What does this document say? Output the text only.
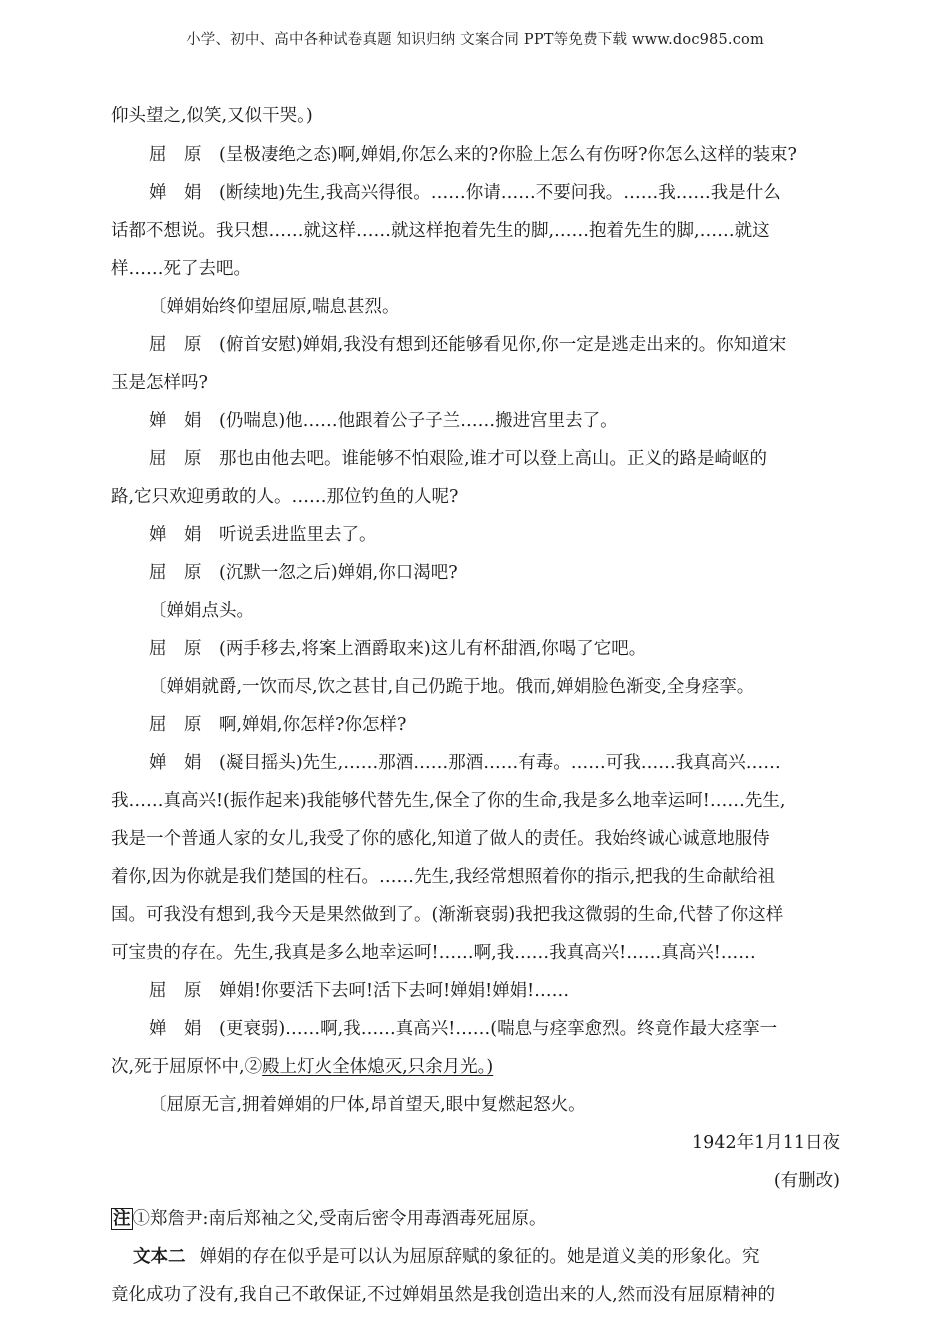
小学、初中、高中各种试卷真题 知识归纳 文案合同 PPT等免费下载 www.doc985.com
仰头望之,似笑,又似干哭。)
屈　原　(呈极凄绝之态)啊,婵娟,你怎么来的?你脸上怎么有伤呀?你怎么这样的装束?
婵　娟　(断续地)先生,我高兴得很。……你请……不要问我。……我……我是什么
话都不想说。我只想……就这样……就这样抱着先生的脚,……抱着先生的脚,……就这
样……死了去吧。
〔婵娟始终仰望屈原,喘息甚烈。
屈　原　(俯首安慰)婵娟,我没有想到还能够看见你,你一定是逃走出来的。你知道宋
玉是怎样吗?
婵　娟　(仍喘息)他……他跟着公子子兰……搬进宫里去了。
屈　原　那也由他去吧。谁能够不怕艰险,谁才可以登上高山。正义的路是崎岖的
路,它只欢迎勇敢的人。……那位钓鱼的人呢?
婵　娟　听说丢进监里去了。
屈　原　(沉默一忽之后)婵娟,你口渴吧?
〔婵娟点头。
屈　原　(两手移去,将案上酒爵取来)这儿有杯甜酒,你喝了它吧。
〔婵娟就爵,一饮而尽,饮之甚甘,自己仍跪于地。俄而,婵娟脸色渐变,全身痉挛。
屈　原　啊,婵娟,你怎样?你怎样?
婵　娟　(凝目摇头)先生,……那酒……那酒……有毒。……可我……我真高兴……
我……真高兴!(振作起来)我能够代替先生,保全了你的生命,我是多么地幸运呵!……先生,
我是一个普通人家的女儿,我受了你的感化,知道了做人的责任。我始终诚心诚意地服侍
着你,因为你就是我们楚国的柱石。……先生,我经常想照着你的指示,把我的生命献给祖
国。可我没有想到,我今天是果然做到了。(渐渐衰弱)我把我这微弱的生命,代替了你这样
可宝贵的存在。先生,我真是多么地幸运呵!……啊,我……我真高兴!……真高兴!……
屈　原　婵娟!你要活下去呵!活下去呵!婵娟!婵娟!……
婵　娟　(更衰弱)……啊,我……真高兴!……(喘息与痉挛愈烈。终竟作最大痉挛一
次,死于屈原怀中,②殿上灯火全体熄灭,只余月光。)
〔屈原无言,拥着婵娟的尸体,昂首望天,眼中复燃起怒火。
1942年1月11日夜
(有删改)
注 ①郑詹尹:南后郑袖之父,受南后密令用毒酒毒死屈原。
文本二 婵娟的存在似乎是可以认为屈原辞赋的象征的。她是道义美的形象化。究
竟化成功了没有,我自己不敢保证,不过婵娟虽然是我创造出来的人,然而没有屈原精神的
